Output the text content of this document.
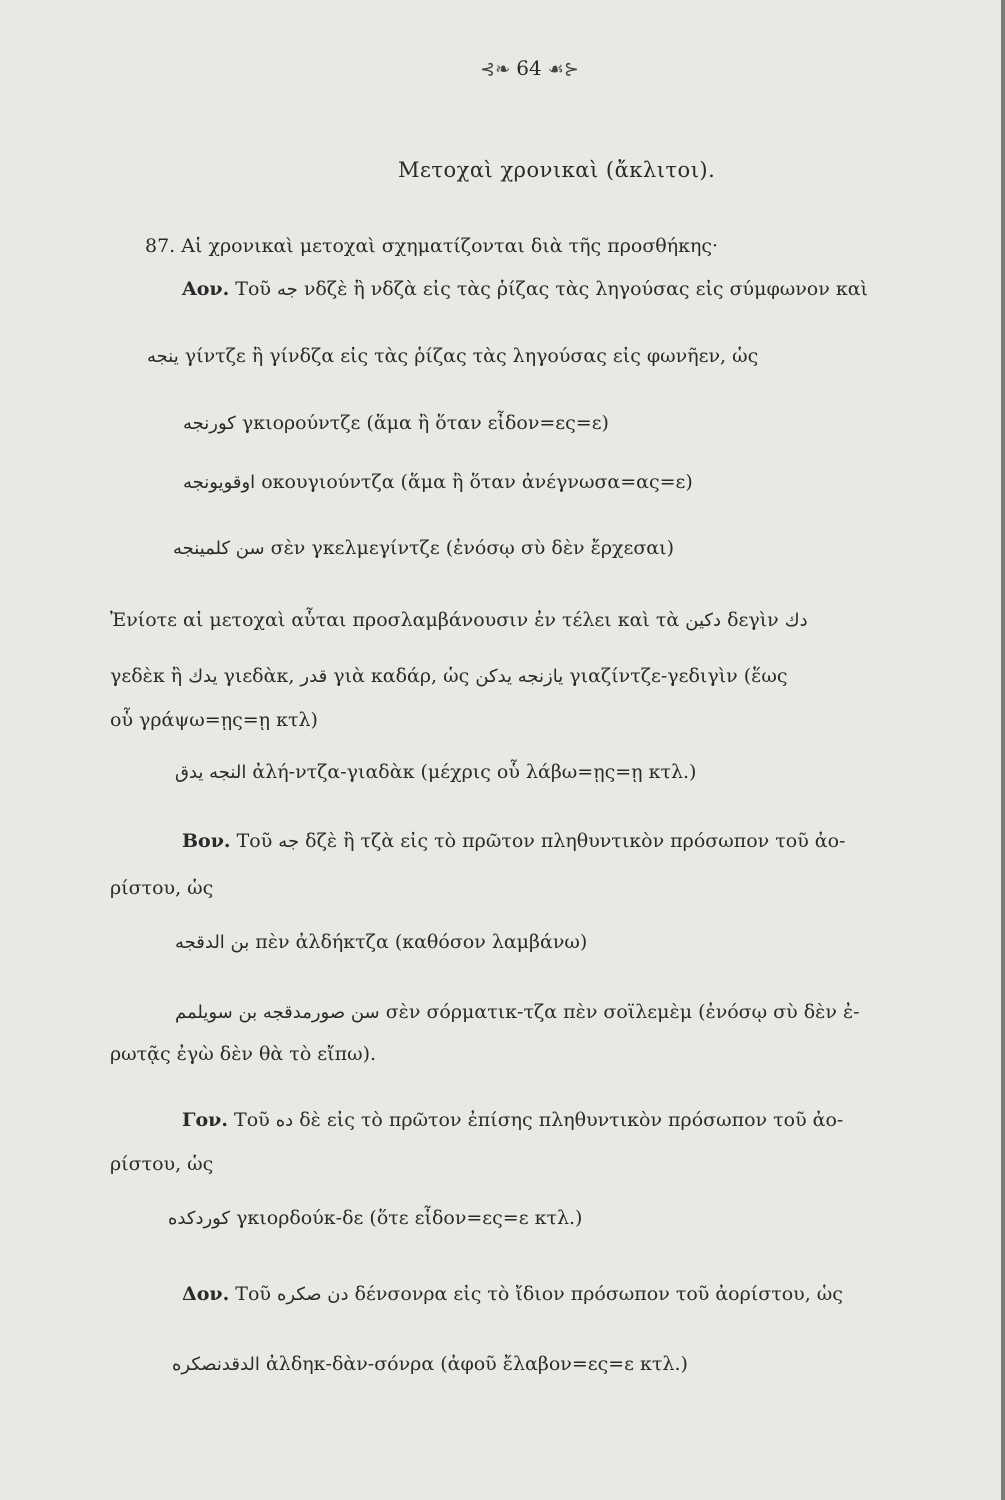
⊰❧ 64 ☙⊱
Μετοχαὶ χρονικαὶ (ἄκλιτοι).
87. Αἱ χρονικαὶ μετοχαὶ σχηματίζονται διὰ τῆς προσθήκης·
Αον. Τοῦ جه νδζὲ ἢ νδζὰ εἰς τὰς ῥίζας τὰς ληγούσας εἰς σύμφωνον καὶ
ينجه γίντζε ἢ γίνδζα εἰς τὰς ῥίζας τὰς ληγούσας εἰς φωνῆεν, ὡς
كورنجه γκιορούντζε (ἅμα ἢ ὅταν εἶδον=ες=ε)
اوقويونجه οκουγιούντζα (ἅμα ἢ ὅταν ἀνέγνωσα=ας=ε)
سن كلمينجه σὲν γκελμεγίντζε (ἐνόσῳ σὺ δὲν ἔρχεσαι)
Ἐνίοτε αἱ μετοχαὶ αὗται προσλαμβάνουσιν ἐν τέλει καὶ τὰ دكين δεγὶν دك
γεδὲκ ἢ يدك γιεδὰκ, قدر γιὰ καδάρ, ὡς يازنجه يدكن γιαζίντζε-γεδιγὶν (ἕως
οὗ γράψω=ῃς=ῃ κτλ)
النجه يدق ἀλή-ντζα-γιαδὰκ (μέχρις οὗ λάβω=ῃς=ῃ κτλ.)
Βον. Τοῦ جه δζὲ ἢ τζὰ εἰς τὸ πρῶτον πληθυντικὸν πρόσωπον τοῦ ἀο-
ρίστου, ὡς
بن الدقجه πὲν ἀλδήκτζα (καθόσον λαμβάνω)
سن صورمدقجه بن سويلمم σὲν σόρματικ-τζα πὲν σοϊλεμὲμ (ἐνόσῳ σὺ δὲν ἐ-
ρωτᾷς ἐγὼ δὲν θὰ τὸ εἴπω).
Γον. Τοῦ ده δὲ εἰς τὸ πρῶτον ἐπίσης πληθυντικὸν πρόσωπον τοῦ ἀο-
ρίστου, ὡς
كوردكده γκιορδούκ-δε (ὅτε εἶδον=ες=ε κτλ.)
Δον. Τοῦ دن صكره δένσονρα εἰς τὸ ἴδιον πρόσωπον τοῦ ἀορίστου, ὡς
الدقدنصكره ἀλδηκ-δὰν-σόνρα (ἀφοῦ ἔλαβον=ες=ε κτλ.)
